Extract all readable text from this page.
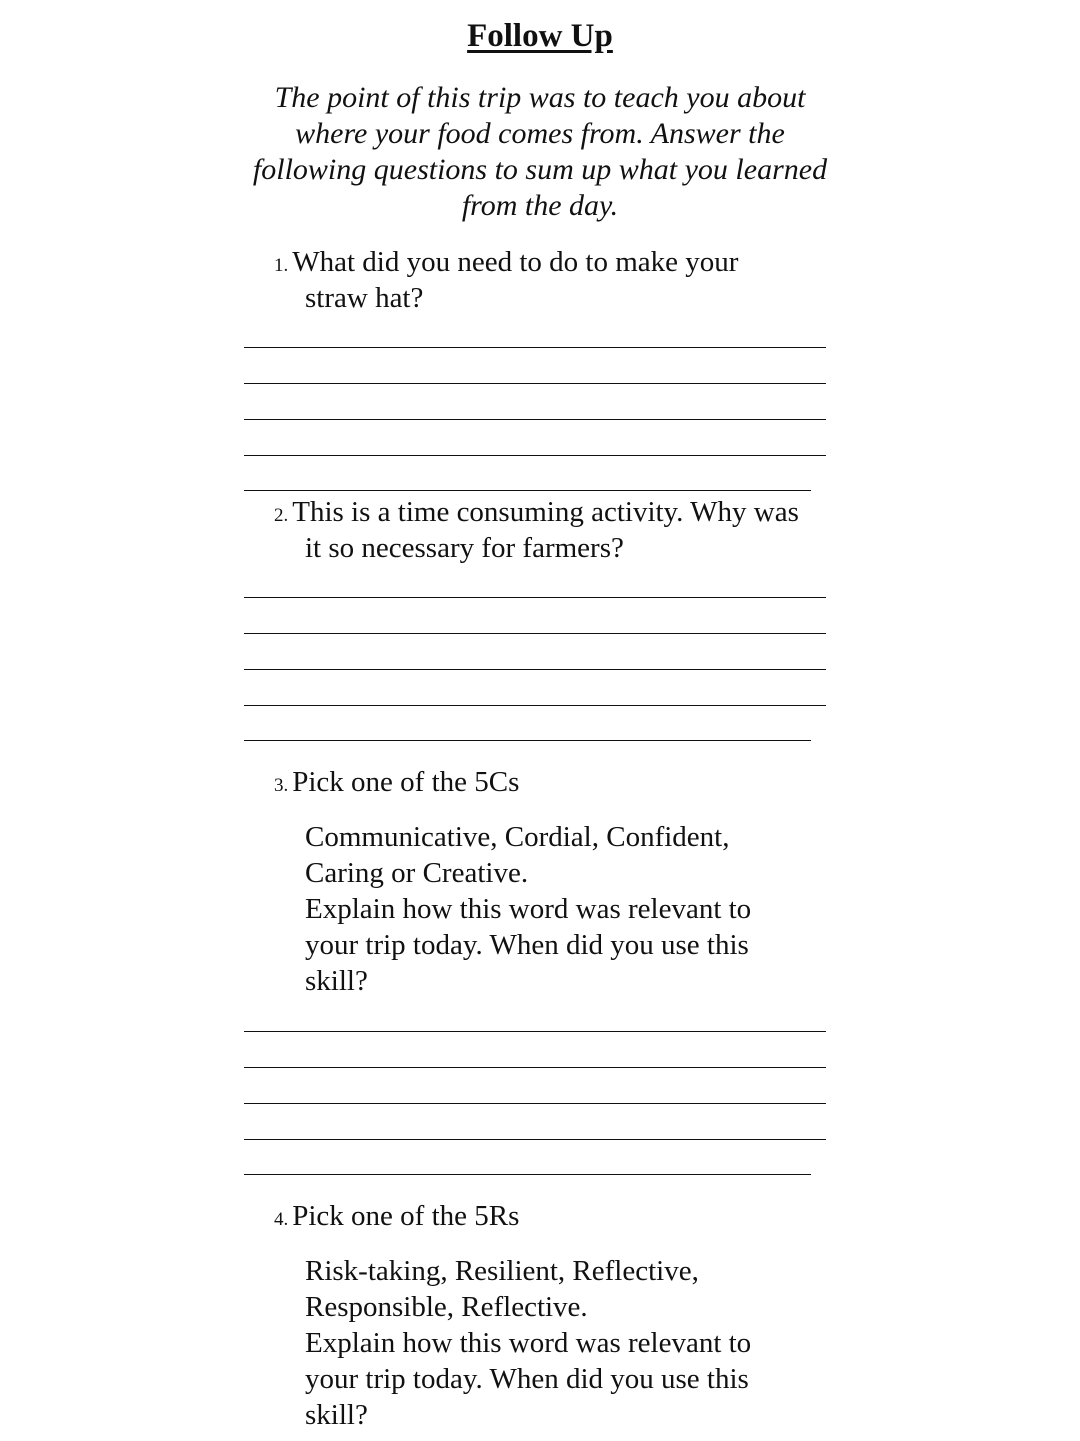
Follow Up
The point of this trip was to teach you about
where your food comes from. Answer the
following questions to sum up what you learned
from the day.
1. What did you need to do to make your
straw hat?
2. This is a time consuming activity. Why was
it so necessary for farmers?
3. Pick one of the 5Cs
Communicative, Cordial, Confident,
Caring or Creative.
Explain how this word was relevant to
your trip today. When did you use this
skill?
4. Pick one of the 5Rs
Risk-taking, Resilient, Reflective,
Responsible, Reflective.
Explain how this word was relevant to
your trip today. When did you use this
skill?
